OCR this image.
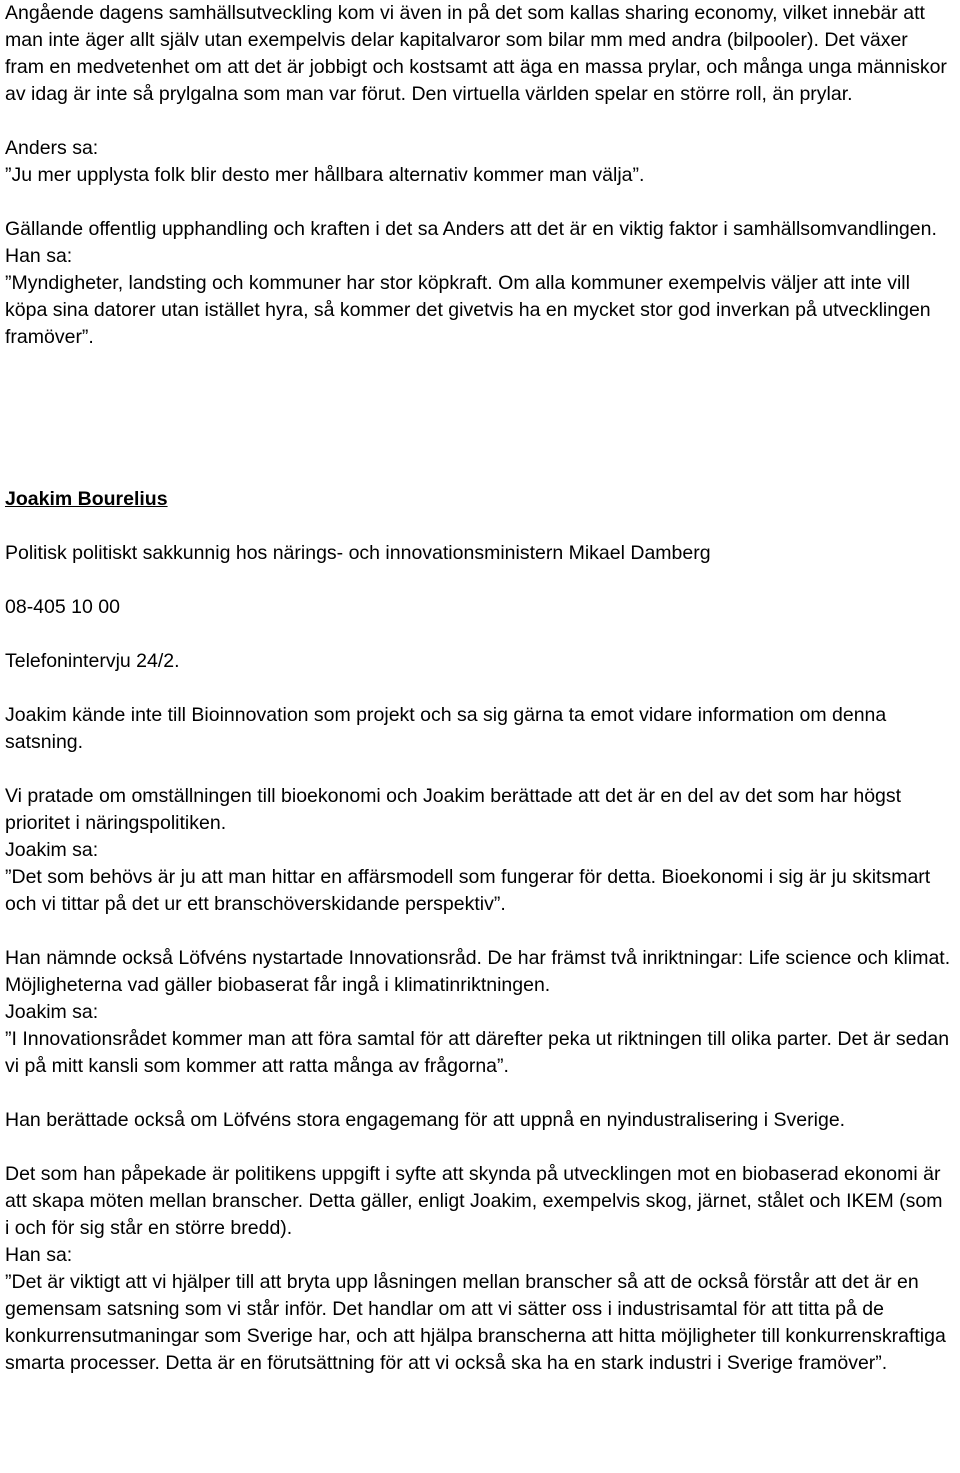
Angående dagens samhällsutveckling kom vi även in på det som kallas sharing economy, vilket innebär att man inte äger allt själv utan exempelvis delar kapitalvaror som bilar mm med andra (bilpooler). Det växer fram en medvetenhet om att det är jobbigt och kostsamt att äga en massa prylar, och många unga människor av idag är inte så prylgalna som man var förut. Den virtuella världen spelar en större roll, än prylar.

Anders sa:

”Ju mer upplysta folk blir desto mer hållbara alternativ kommer man välja”.

Gällande offentlig upphandling och kraften i det sa Anders att det är en viktig faktor i samhällsomvandlingen.

Han sa:

”Myndigheter, landsting och kommuner har stor köpkraft. Om alla kommuner exempelvis väljer att inte vill köpa sina datorer utan istället hyra, så kommer det givetvis ha en mycket stor god inverkan på utvecklingen framöver”.

Joakim Bourelius

Politisk politiskt sakkunnig hos närings- och innovationsministern Mikael Damberg

08-405 10 00

Telefonintervju 24/2.

Joakim kände inte till Bioinnovation som projekt och sa sig gärna ta emot vidare information om denna satsning.

Vi pratade om omställningen till bioekonomi och Joakim berättade att det är en del av det som har högst prioritet i näringspolitiken.

Joakim sa:

”Det som behövs är ju att man hittar en affärsmodell som fungerar för detta. Bioekonomi i sig är ju skitsmart och vi tittar på det ur ett branschöverskidande perspektiv”.

Han nämnde också Löfvéns nystartade Innovationsråd. De har främst två inriktningar: Life science och klimat. Möjligheterna vad gäller biobaserat får ingå i klimatinriktningen.

Joakim sa:

”I Innovationsrådet kommer man att föra samtal för att därefter peka ut riktningen till olika parter. Det är sedan vi på mitt kansli som kommer att ratta många av frågorna”.

Han berättade också om Löfvéns stora engagemang för att uppnå en nyindustralisering i Sverige.

Det som han påpekade är politikens uppgift i syfte att skynda på utvecklingen mot en biobaserad ekonomi är att skapa möten mellan branscher. Detta gäller, enligt Joakim, exempelvis skog, järnet, stålet och IKEM (som i och för sig står en större bredd).

Han sa:

”Det är viktigt att vi hjälper till att bryta upp låsningen mellan branscher så att de också förstår att det är en gemensam satsning som vi står inför. Det handlar om att vi sätter oss i industrisamtal för att titta på de konkurrensutmaningar som Sverige har, och att hjälpa branscherna att hitta möjligheter till konkurrenskraftiga smarta processer. Detta är en förutsättning för att vi också ska ha en stark industri i Sverige framöver”.
